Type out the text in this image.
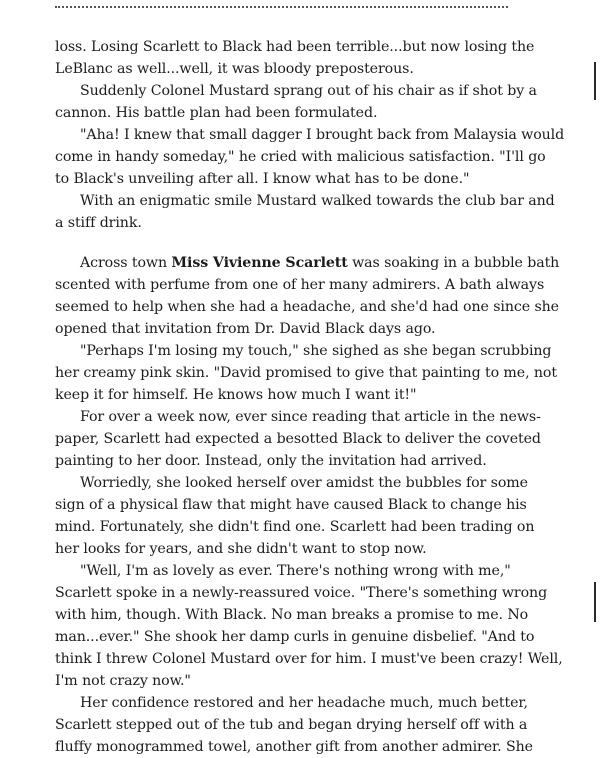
loss. Losing Scarlett to Black had been terrible...but now losing the
LeBlanc as well...well, it was bloody preposterous.

Suddenly Colonel Mustard sprang out of his chair as if shot by a
cannon. His battle plan had been formulated.

"Aha! I knew that small dagger I brought back from Malaysia would
come in handy someday," he cried with malicious satisfaction. "I'll go
to Black's unveiling after all. I know what has to be done."

With an enigmatic smile Mustard walked towards the club bar and
a stiff drink.

Across town Miss Vivienne Scarlett was soaking in a bubble bath
scented with perfume from one of her many admirers. A bath always
seemed to help when she had a headache, and she'd had one since she
opened that invitation from Dr. David Black days ago.

"Perhaps I'm losing my touch," she sighed as she began scrubbing
her creamy pink skin. "David promised to give that painting to me, not
keep it for himself. He knows how much I want it!"

For over a week now, ever since reading that article in the news-
paper, Scarlett had expected a besotted Black to deliver the coveted
painting to her door. Instead, only the invitation had arrived.

Worriedly, she looked herself over amidst the bubbles for some
sign of a physical flaw that might have caused Black to change his
mind. Fortunately, she didn't find one. Scarlett had been trading on
her looks for years, and she didn't want to stop now.

"Well, I'm as lovely as ever. There's nothing wrong with me,"
Scarlett spoke in a newly-reassured voice. "There's something wrong
with him, though. With Black. No man breaks a promise to me. No
man...ever." She shook her damp curls in genuine disbelief. "And to
think I threw Colonel Mustard over for him. I must've been crazy! Well,
I'm not crazy now."

Her confidence restored and her headache much, much better,
Scarlett stepped out of the tub and began drying herself off with a
fluffy monogrammed towel, another gift from another admirer. She
